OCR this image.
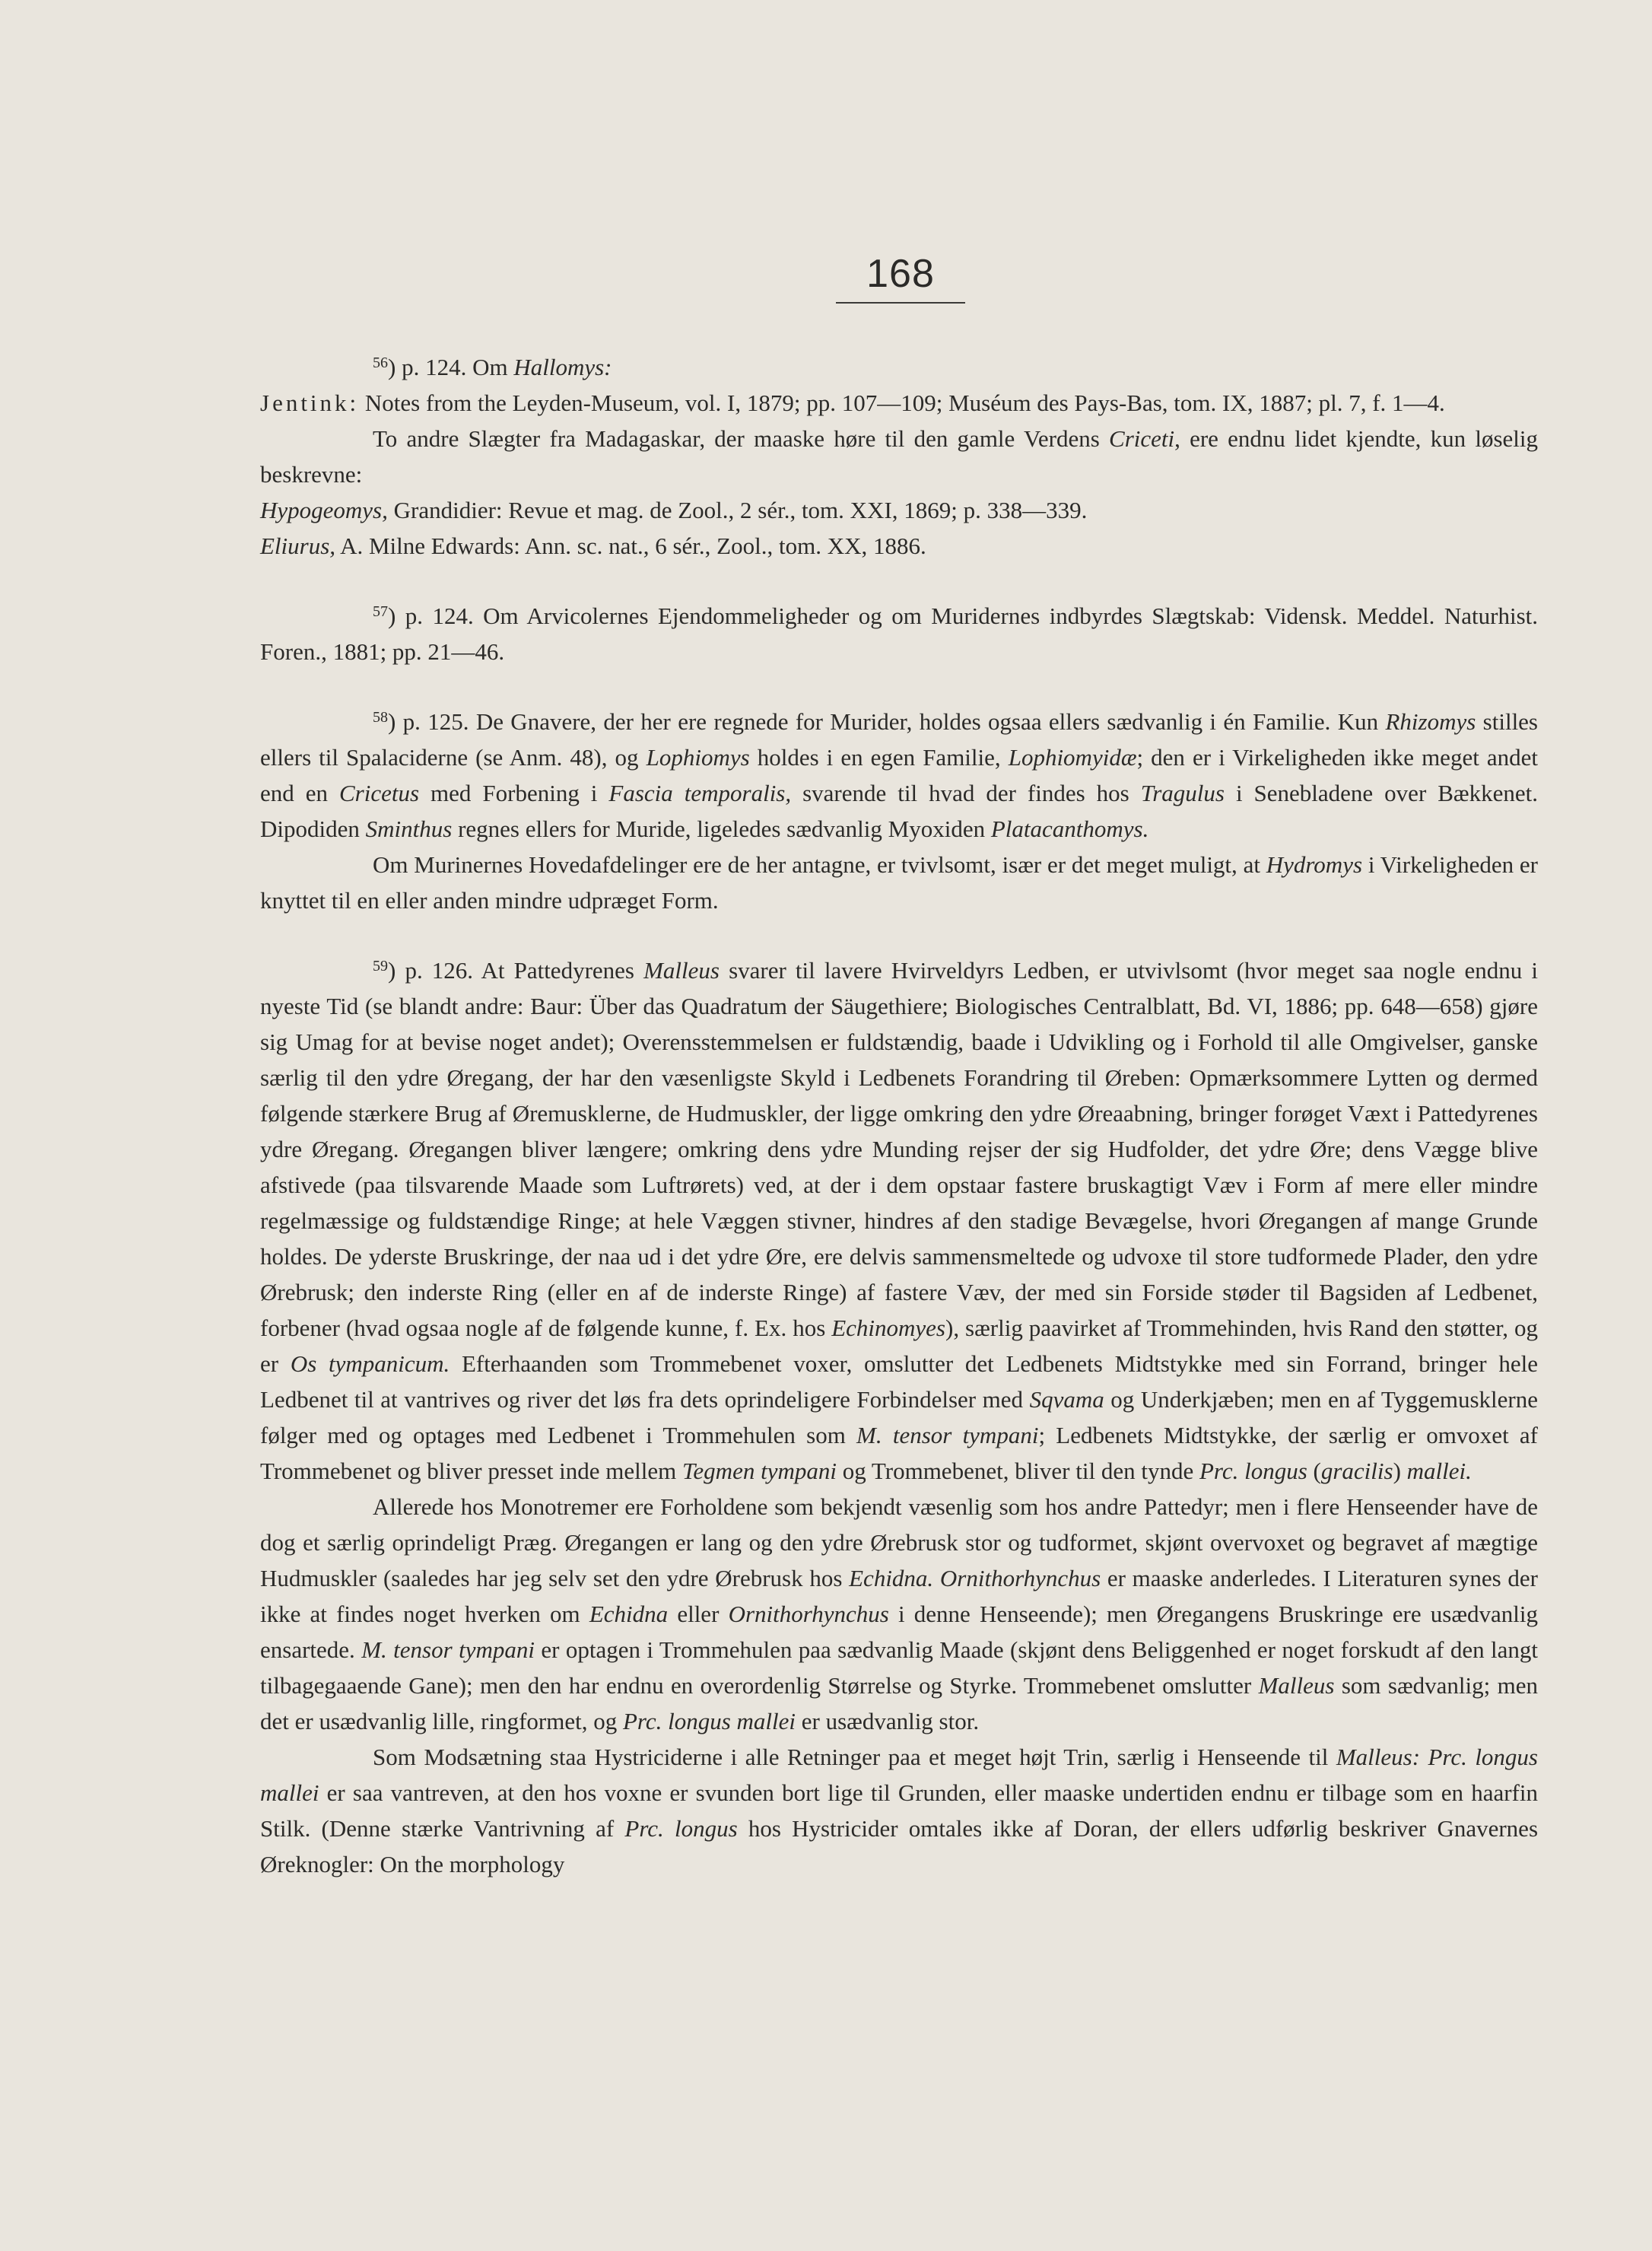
168

$^{56}$) p. 124. Om Hallomys:

Jentink: Notes from the Leyden-Museum, vol. I, 1879; pp. 107—109; Muséum des Pays-Bas, tom. IX, 1887; pl. 7, f. 1—4.

To andre Slægter fra Madagaskar, der maaske høre til den gamle Verdens Criceti, ere endnu lidet kjendte, kun løselig beskrevne:

Hypogeomys, Grandidier: Revue et mag. de Zool., 2 sér., tom. XXI, 1869; p. 338—339.

Eliurus, A. Milne Edwards: Ann. sc. nat., 6 sér., Zool., tom. XX, 1886.

$^{57}$) p. 124. Om Arvicolernes Ejendommeligheder og om Muridernes indbyrdes Slægtskab: Vidensk. Meddel. Naturhist. Foren., 1881; pp. 21—46.

$^{58}$) p. 125. De Gnavere, der her ere regnede for Murider, holdes ogsaa ellers sædvanlig i én Familie. Kun Rhizomys stilles ellers til Spalaciderne (se Anm. 48), og Lophiomys holdes i en egen Familie, Lophiomyidæ; den er i Virkeligheden ikke meget andet end en Cricetus med Forbening i Fascia temporalis, svarende til hvad der findes hos Tragulus i Senebladene over Bækkenet. Dipodiden Sminthus regnes ellers for Muride, ligeledes sædvanlig Myoxiden Platacanthomys.

Om Murinernes Hovedafdelinger ere de her antagne, er tvivlsomt, især er det meget muligt, at Hydromys i Virkeligheden er knyttet til en eller anden mindre udpræget Form.

$^{59}$) p. 126. At Pattedyrenes Malleus svarer til lavere Hvirveldyrs Ledben, er utvivlsomt (hvor meget saa nogle endnu i nyeste Tid (se blandt andre: Baur: Über das Quadratum der Säugethiere; Biologisches Centralblatt, Bd. VI, 1886; pp. 648—658) gjøre sig Umag for at bevise noget andet); Overensstemmelsen er fuldstændig, baade i Udvikling og i Forhold til alle Omgivelser, ganske særlig til den ydre Øregang, der har den væsenligste Skyld i Ledbenets Forandring til Øreben: Opmærksommere Lytten og dermed følgende stærkere Brug af Øremusklerne, de Hudmuskler, der ligge omkring den ydre Øreaabning, bringer forøget Væxt i Pattedyrenes ydre Øregang. Øregangen bliver længere; omkring dens ydre Munding rejser der sig Hudfolder, det ydre Øre; dens Vægge blive afstivede (paa tilsvarende Maade som Luftrørets) ved, at der i dem opstaar fastere bruskagtigt Væv i Form af mere eller mindre regelmæssige og fuldstændige Ringe; at hele Væggen stivner, hindres af den stadige Bevægelse, hvori Øregangen af mange Grunde holdes. De yderste Bruskringe, der naa ud i det ydre Øre, ere delvis sammensmeltede og udvoxe til store tudformede Plader, den ydre Ørebrusk; den inderste Ring (eller en af de inderste Ringe) af fastere Væv, der med sin Forside støder til Bagsiden af Ledbenet, forbener (hvad ogsaa nogle af de følgende kunne, f. Ex. hos Echinomyes), særlig paavirket af Trommehinden, hvis Rand den støtter, og er Os tympanicum. Efterhaanden som Trommebenet voxer, omslutter det Ledbenets Midtstykke med sin Forrand, bringer hele Ledbenet til at vantrives og river det løs fra dets oprindeligere Forbindelser med Sqvama og Underkjæben; men en af Tyggemusklerne følger med og optages med Ledbenet i Trommehulen som M. tensor tympani; Ledbenets Midtstykke, der særlig er omvoxet af Trommebenet og bliver presset inde mellem Tegmen tympani og Trommebenet, bliver til den tynde Prc. longus (gracilis) mallei.

Allerede hos Monotremer ere Forholdene som bekjendt væsenlig som hos andre Pattedyr; men i flere Henseender have de dog et særlig oprindeligt Præg. Øregangen er lang og den ydre Ørebrusk stor og tudformet, skjønt overvoxet og begravet af mægtige Hudmuskler (saaledes har jeg selv set den ydre Ørebrusk hos Echidna. Ornithorhynchus er maaske anderledes. I Literaturen synes der ikke at findes noget hverken om Echidna eller Ornithorhynchus i denne Henseende); men Øregangens Bruskringe ere usædvanlig ensartede. M. tensor tympani er optagen i Trommehulen paa sædvanlig Maade (skjønt dens Beliggenhed er noget forskudt af den langt tilbagegaaende Gane); men den har endnu en overordenlig Størrelse og Styrke. Trommebenet omslutter Malleus som sædvanlig; men det er usædvanlig lille, ringformet, og Prc. longus mallei er usædvanlig stor.

Som Modsætning staa Hystriciderne i alle Retninger paa et meget højt Trin, særlig i Henseende til Malleus: Prc. longus mallei er saa vantreven, at den hos voxne er svunden bort lige til Grunden, eller maaske undertiden endnu er tilbage som en haarfin Stilk. (Denne stærke Vantrivning af Prc. longus hos Hystricider omtales ikke af Doran, der ellers udførlig beskriver Gnavernes Øreknogler: On the morphology
